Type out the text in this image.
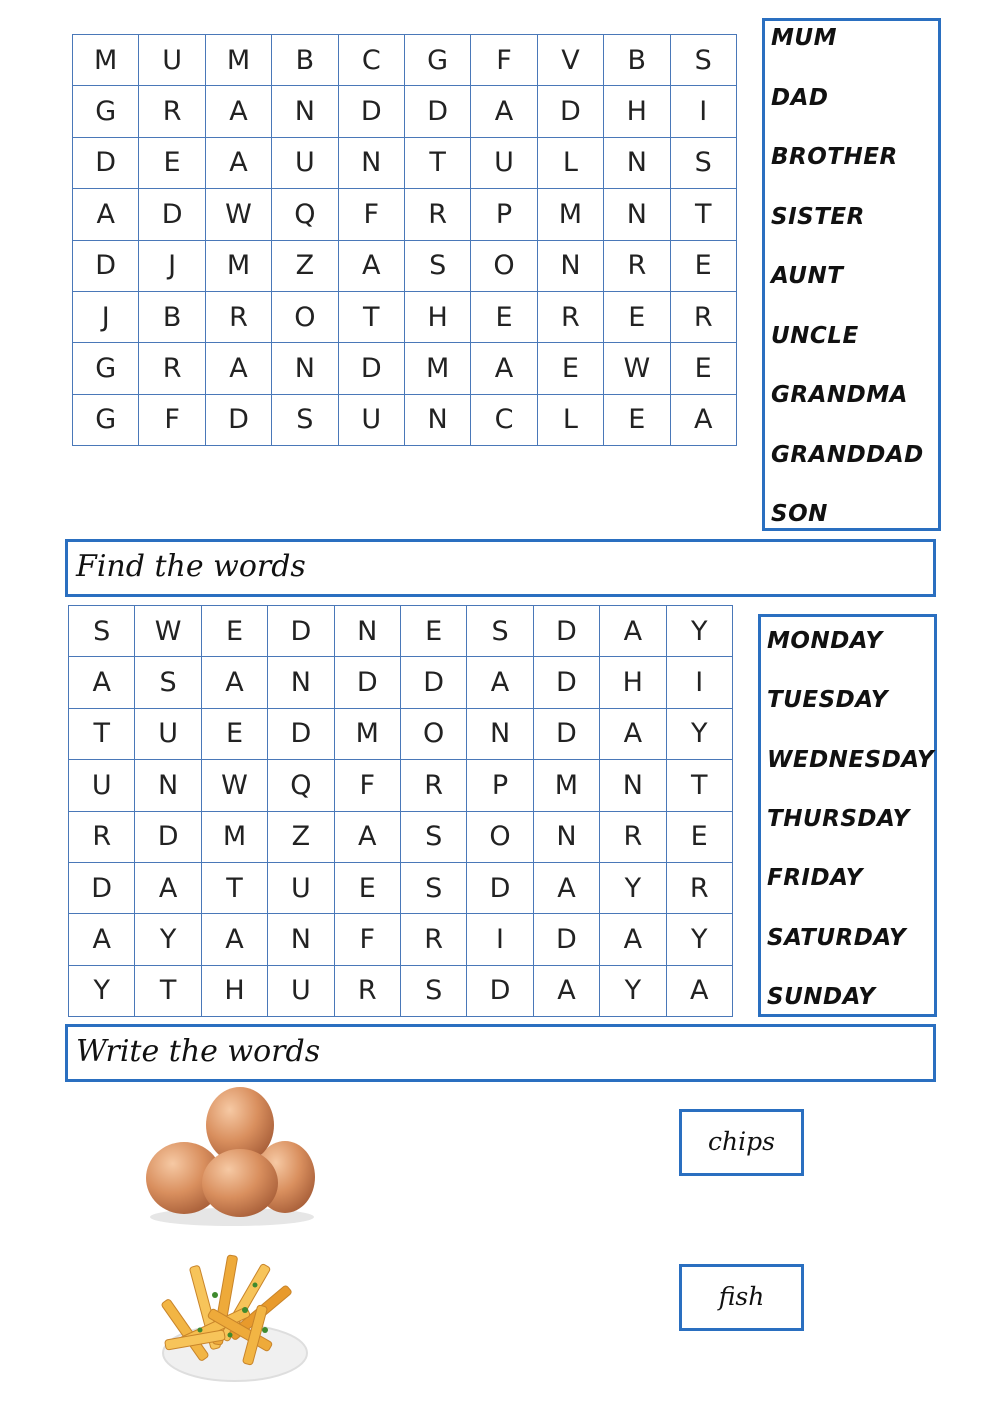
M	U	M	B	C	G	F	V	B	S
G	R	A	N	D	D	A	D	H	I
D	E	A	U	N	T	U	L	N	S
A	D	W	Q	F	R	P	M	N	T
D	J	M	Z	A	S	O	N	R	E
J	B	R	O	T	H	E	R	E	R
G	R	A	N	D	M	A	E	W	E
G	F	D	S	U	N	C	L	E	A
MUM
DAD
BROTHER
SISTER
AUNT
UNCLE
GRANDMA
GRANDDAD
SON
Find the words
S	W	E	D	N	E	S	D	A	Y
A	S	A	N	D	D	A	D	H	I
T	U	E	D	M	O	N	D	A	Y
U	N	W	Q	F	R	P	M	N	T
R	D	M	Z	A	S	O	N	R	E
D	A	T	U	E	S	D	A	Y	R
A	Y	A	N	F	R	I	D	A	Y
Y	T	H	U	R	S	D	A	Y	A
MONDAY
TUESDAY
WEDNESDAY
THURSDAY
FRIDAY
SATURDAY
SUNDAY
Write the words
chips
fish
